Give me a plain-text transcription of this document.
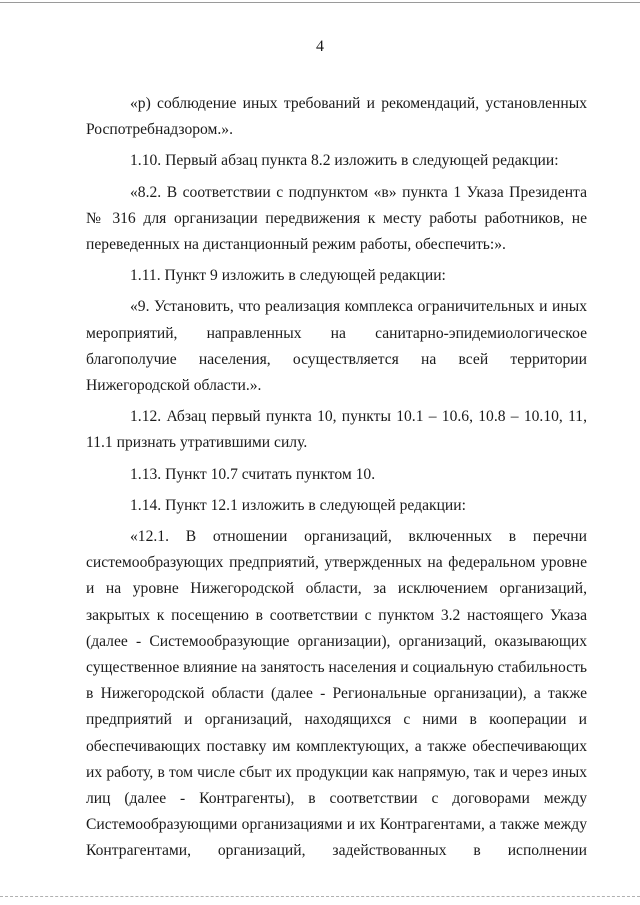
4

«р) соблюдение иных требований и рекомендаций, установленных Роспотребнадзором.».

1.10. Первый абзац пункта 8.2 изложить в следующей редакции:

«8.2. В соответствии с подпунктом «в» пункта 1 Указа Президента № 316 для организации передвижения к месту работы работников, не переведенных на дистанционный режим работы, обеспечить:».

1.11. Пункт 9 изложить в следующей редакции:

«9. Установить, что реализация комплекса ограничительных и иных мероприятий, направленных на санитарно-эпидемиологическое благополучие населения, осуществляется на всей территории Нижегородской области.».

1.12. Абзац первый пункта 10, пункты 10.1 – 10.6, 10.8 – 10.10, 11, 11.1 признать утратившими силу.

1.13. Пункт 10.7 считать пунктом 10.

1.14. Пункт 12.1 изложить в следующей редакции:

«12.1. В отношении организаций, включенных в перечни системообразующих предприятий, утвержденных на федеральном уровне и на уровне Нижегородской области, за исключением организаций, закрытых к посещению в соответствии с пунктом 3.2 настоящего Указа (далее - Системообразующие организации), организаций, оказывающих существенное влияние на занятость населения и социальную стабильность в Нижегородской области (далее - Региональные организации), а также предприятий и организаций, находящихся с ними в кооперации и обеспечивающих поставку им комплектующих, а также обеспечивающих их работу, в том числе сбыт их продукции как напрямую, так и через иных лиц (далее - Контрагенты), в соответствии с договорами между Системообразующими организациями и их Контрагентами, а также между Контрагентами, организаций, задействованных в исполнении
